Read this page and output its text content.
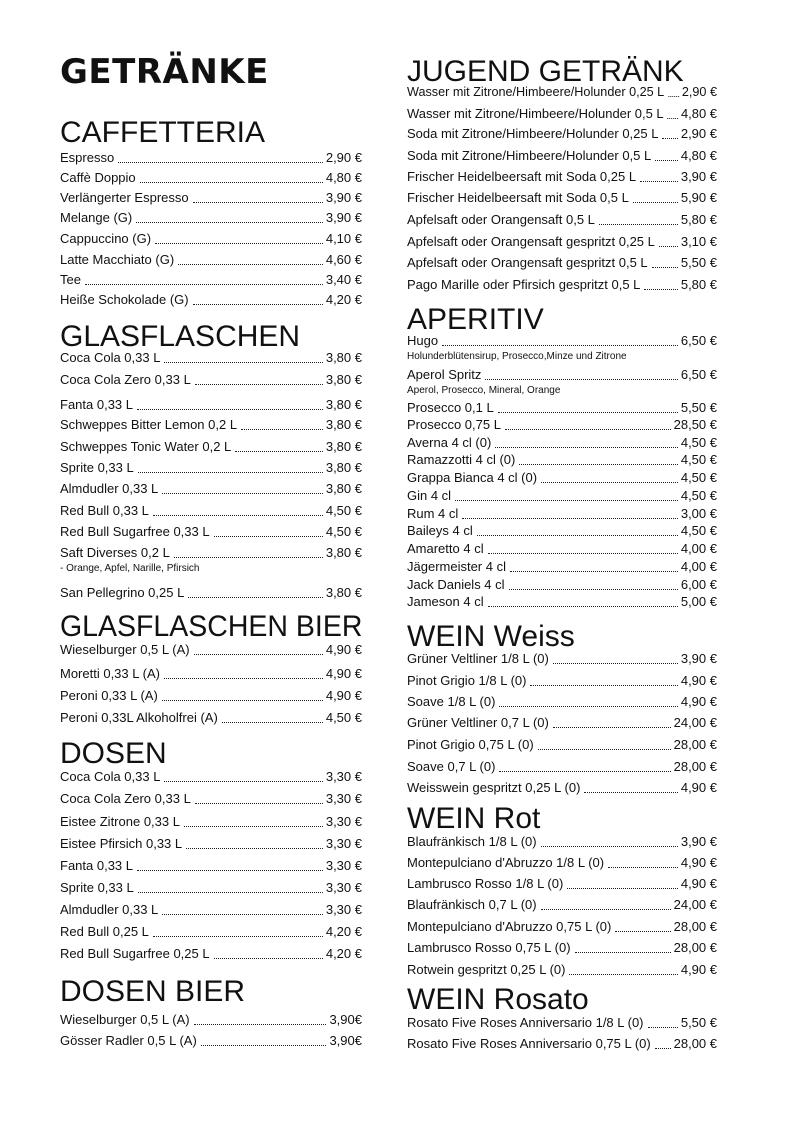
GETRÄNKE
CAFFETTERIA
Espresso	2,90 €
Caffè Doppio	4,80 €
Verlängerter Espresso	3,90 €
Melange (G)	3,90 €
Cappuccino (G)	4,10 €
Latte Macchiato (G)	4,60 €
Tee	3,40 €
Heiße Schokolade (G)	4,20 €
GLASFLASCHEN
Coca Cola 0,33 L	3,80 €
Coca Cola Zero 0,33 L	3,80 €
Fanta 0,33 L	3,80 €
Schweppes Bitter Lemon 0,2 L	3,80 €
Schweppes Tonic Water 0,2 L	3,80 €
Sprite 0,33 L	3,80 €
Almdudler 0,33 L	3,80 €
Red Bull 0,33 L	4,50 €
Red Bull Sugarfree 0,33 L	4,50 €
Saft Diverses 0,2 L	3,80 €
- Orange, Apfel, Narille, Pfirsich
San Pellegrino 0,25 L	3,80 €
GLASFLASCHEN BIER
Wieselburger 0,5 L (A)	4,90 €
Moretti 0,33 L (A)	4,90 €
Peroni 0,33 L (A)	4,90 €
Peroni 0,33L Alkoholfrei (A)	4,50 €
DOSEN
Coca Cola 0,33 L	3,30 €
Coca Cola Zero 0,33 L	3,30 €
Eistee Zitrone 0,33 L	3,30 €
Eistee Pfirsich 0,33 L	3,30 €
Fanta 0,33 L	3,30 €
Sprite 0,33 L	3,30 €
Almdudler 0,33 L	3,30 €
Red Bull 0,25 L	4,20 €
Red Bull Sugarfree 0,25 L	4,20 €
DOSEN BIER
Wieselburger 0,5 L (A)	3,90€
Gösser Radler 0,5 L (A)	3,90€
JUGEND GETRÄNK
Wasser mit Zitrone/Himbeere/Holunder 0,25 L 2,90 €
Wasser mit Zitrone/Himbeere/Holunder 0,5 L 4,80 €
Soda mit Zitrone/Himbeere/Holunder 0,25 L 2,90 €
Soda mit Zitrone/Himbeere/Holunder 0,5 L 4,80 €
Frischer Heidelbeersaft mit Soda 0,25 L	3,90 €
Frischer Heidelbeersaft mit Soda 0,5 L	5,90 €
Apfelsaft oder Orangensaft 0,5 L	5,80 €
Apfelsaft oder Orangensaft gespritzt 0,25 L 3,10 €
Apfelsaft oder Orangensaft gespritzt 0,5 L	5,50 €
Pago Marille oder Pfirsich gespritzt 0,5 L	5,80 €
APERITIV
Hugo	6,50 €
Holunderblütensirup, Prosecco,Minze und Zitrone
Aperol Spritz	6,50 €
Aperol, Prosecco, Mineral, Orange
Prosecco 0,1 L	5,50 €
Prosecco 0,75 L	28,50 €
Averna 4 cl (0)	4,50 €
Ramazzotti 4 cl (0)	4,50 €
Grappa Bianca 4 cl (0)	4,50 €
Gin 4 cl	4,50 €
Rum 4 cl	3,00 €
Baileys 4 cl	4,50 €
Amaretto 4 cl	4,00 €
Jägermeister 4 cl	4,00 €
Jack Daniels 4 cl	6,00 €
Jameson 4 cl	5,00 €
WEIN Weiss
Grüner Veltliner 1/8 L (0)	3,90 €
Pinot Grigio 1/8 L (0)	4,90 €
Soave 1/8 L (0)	4,90 €
Grüner Veltliner 0,7 L (0)	24,00 €
Pinot Grigio 0,75 L (0)	28,00 €
Soave 0,7 L (0)	28,00 €
Weisswein gespritzt 0,25 L (0)	4,90 €
WEIN Rot
Blaufränkisch 1/8 L (0)	3,90 €
Montepulciano d'Abruzzo 1/8 L (0)	4,90 €
Lambrusco Rosso 1/8 L (0)	4,90 €
Blaufränkisch 0,7 L (0)	24,00 €
Montepulciano d'Abruzzo 0,75 L (0)	28,00 €
Lambrusco Rosso 0,75 L (0)	28,00 €
Rotwein gespritzt 0,25 L (0)	4,90 €
WEIN Rosato
Rosato Five Roses Anniversario 1/8 L (0)	5,50 €
Rosato Five Roses Anniversario 0,75 L (0) 28,00 €
